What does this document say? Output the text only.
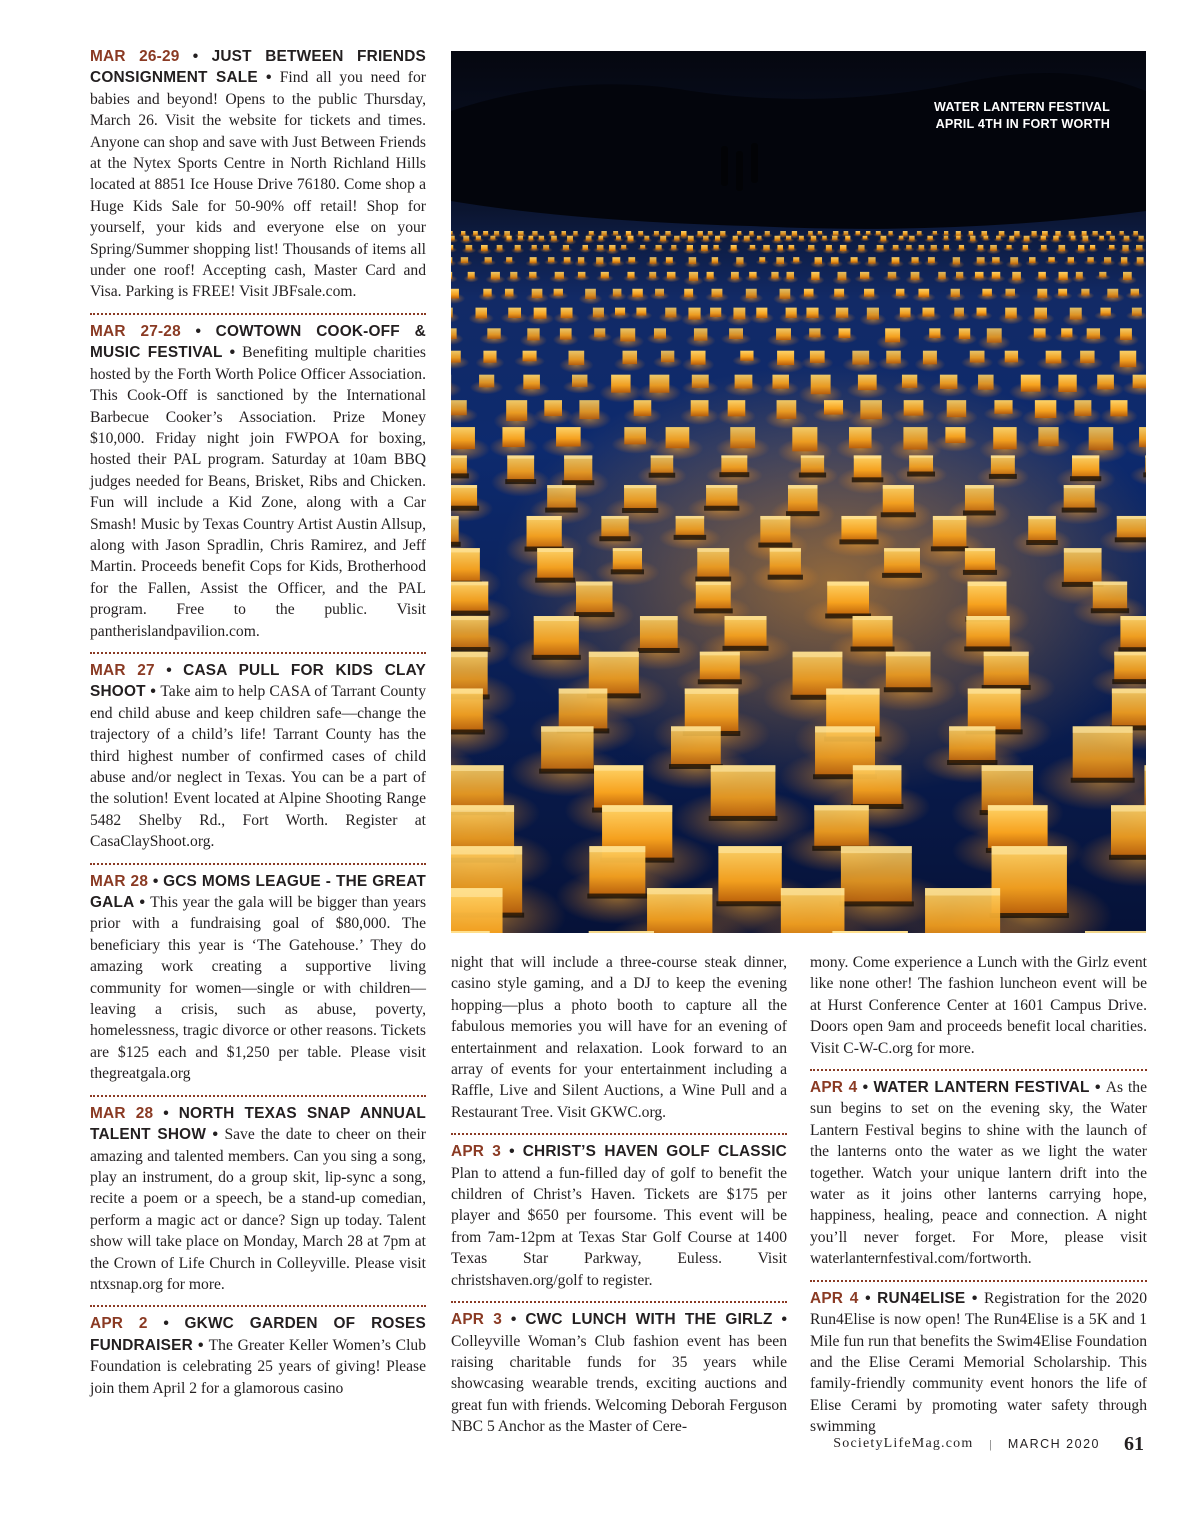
MAR 26-29 • JUST BETWEEN FRIENDS CONSIGNMENT SALE • Find all you need for babies and beyond! Opens to the public Thursday, March 26. Visit the website for tickets and times. Anyone can shop and save with Just Between Friends at the Nytex Sports Centre in North Richland Hills located at 8851 Ice House Drive 76180. Come shop a Huge Kids Sale for 50-90% off retail! Shop for yourself, your kids and everyone else on your Spring/Summer shopping list! Thousands of items all under one roof! Accepting cash, Master Card and Visa. Parking is FREE! Visit JBFsale.com.

MAR 27-28 • COWTOWN COOK-OFF & MUSIC FESTIVAL • Benefiting multiple charities hosted by the Forth Worth Police Officer Association. This Cook-Off is sanctioned by the International Barbecue Cooker’s Association. Prize Money $10,000. Friday night join FWPOA for boxing, hosted their PAL program. Saturday at 10am BBQ judges needed for Beans, Brisket, Ribs and Chicken. Fun will include a Kid Zone, along with a Car Smash! Music by Texas Country Artist Austin Allsup, along with Jason Spradlin, Chris Ramirez, and Jeff Martin. Proceeds benefit Cops for Kids, Brotherhood for the Fallen, Assist the Officer, and the PAL program. Free to the public. Visit pantherislandpavilion.com.

MAR 27 • CASA PULL FOR KIDS CLAY SHOOT • Take aim to help CASA of Tarrant County end child abuse and keep children safe—change the trajectory of a child’s life! Tarrant County has the third highest number of confirmed cases of child abuse and/or neglect in Texas. You can be a part of the solution! Event located at Alpine Shooting Range 5482 Shelby Rd., Fort Worth. Register at CasaClayShoot.org.

MAR 28 • GCS MOMS LEAGUE - THE GREAT GALA • This year the gala will be bigger than years prior with a fundraising goal of $80,000. The beneficiary this year is ‘The Gatehouse.’ They do amazing work creating a supportive living community for women—single or with children—leaving a crisis, such as abuse, poverty, homelessness, tragic divorce or other reasons. Tickets are $125 each and $1,250 per table. Please visit thegreatgala.org

MAR 28 • NORTH TEXAS SNAP ANNUAL TALENT SHOW • Save the date to cheer on their amazing and talented members. Can you sing a song, play an instrument, do a group skit, lip-sync a song, recite a poem or a speech, be a stand-up comedian, perform a magic act or dance? Sign up today. Talent show will take place on Monday, March 28 at 7pm at the Crown of Life Church in Colleyville. Please visit ntxsnap.org for more.

APR 2 • GKWC GARDEN OF ROSES FUNDRAISER • The Greater Keller Women’s Club Foundation is celebrating 25 years of giving! Please join them April 2 for a glamorous casino

WATER LANTERN FESTIVAL
APRIL 4TH IN FORT WORTH

night that will include a three-course steak dinner, casino style gaming, and a DJ to keep the evening hopping—plus a photo booth to capture all the fabulous memories you will have for an evening of entertainment and relaxation. Look forward to an array of events for your entertainment including a Raffle, Live and Silent Auctions, a Wine Pull and a Restaurant Tree. Visit GKWC.org.

APR 3 • CHRIST’S HAVEN GOLF CLASSIC Plan to attend a fun-filled day of golf to benefit the children of Christ’s Haven. Tickets are $175 per player and $650 per foursome. This event will be from 7am-12pm at Texas Star Golf Course at 1400 Texas Star Parkway, Euless. Visit christshaven.org/golf to register.

APR 3 • CWC LUNCH WITH THE GIRLZ • Colleyville Woman’s Club fashion event has been raising charitable funds for 35 years while showcasing wearable trends, exciting auctions and great fun with friends. Welcoming Deborah Ferguson NBC 5 Anchor as the Master of Cere-

mony. Come experience a Lunch with the Girlz event like none other! The fashion luncheon event will be at Hurst Conference Center at 1601 Campus Drive. Doors open 9am and proceeds benefit local charities. Visit C-W-C.org for more.

APR 4 • WATER LANTERN FESTIVAL • As the sun begins to set on the evening sky, the Water Lantern Festival begins to shine with the launch of the lanterns onto the water as we light the water together. Watch your unique lantern drift into the water as it joins other lanterns carrying hope, happiness, healing, peace and connection. A night you’ll never forget. For More, please visit waterlanternfestival.com/fortworth.

APR 4 • RUN4ELISE • Registration for the 2020 Run4Elise is now open! The Run4Elise is a 5K and 1 Mile fun run that benefits the Swim4Elise Foundation and the Elise Cerami Memorial Scholarship. This family-friendly community event honors the life of Elise Cerami by promoting water safety through swimming

SocietyLifeMag.com	|	MARCH 2020 61
